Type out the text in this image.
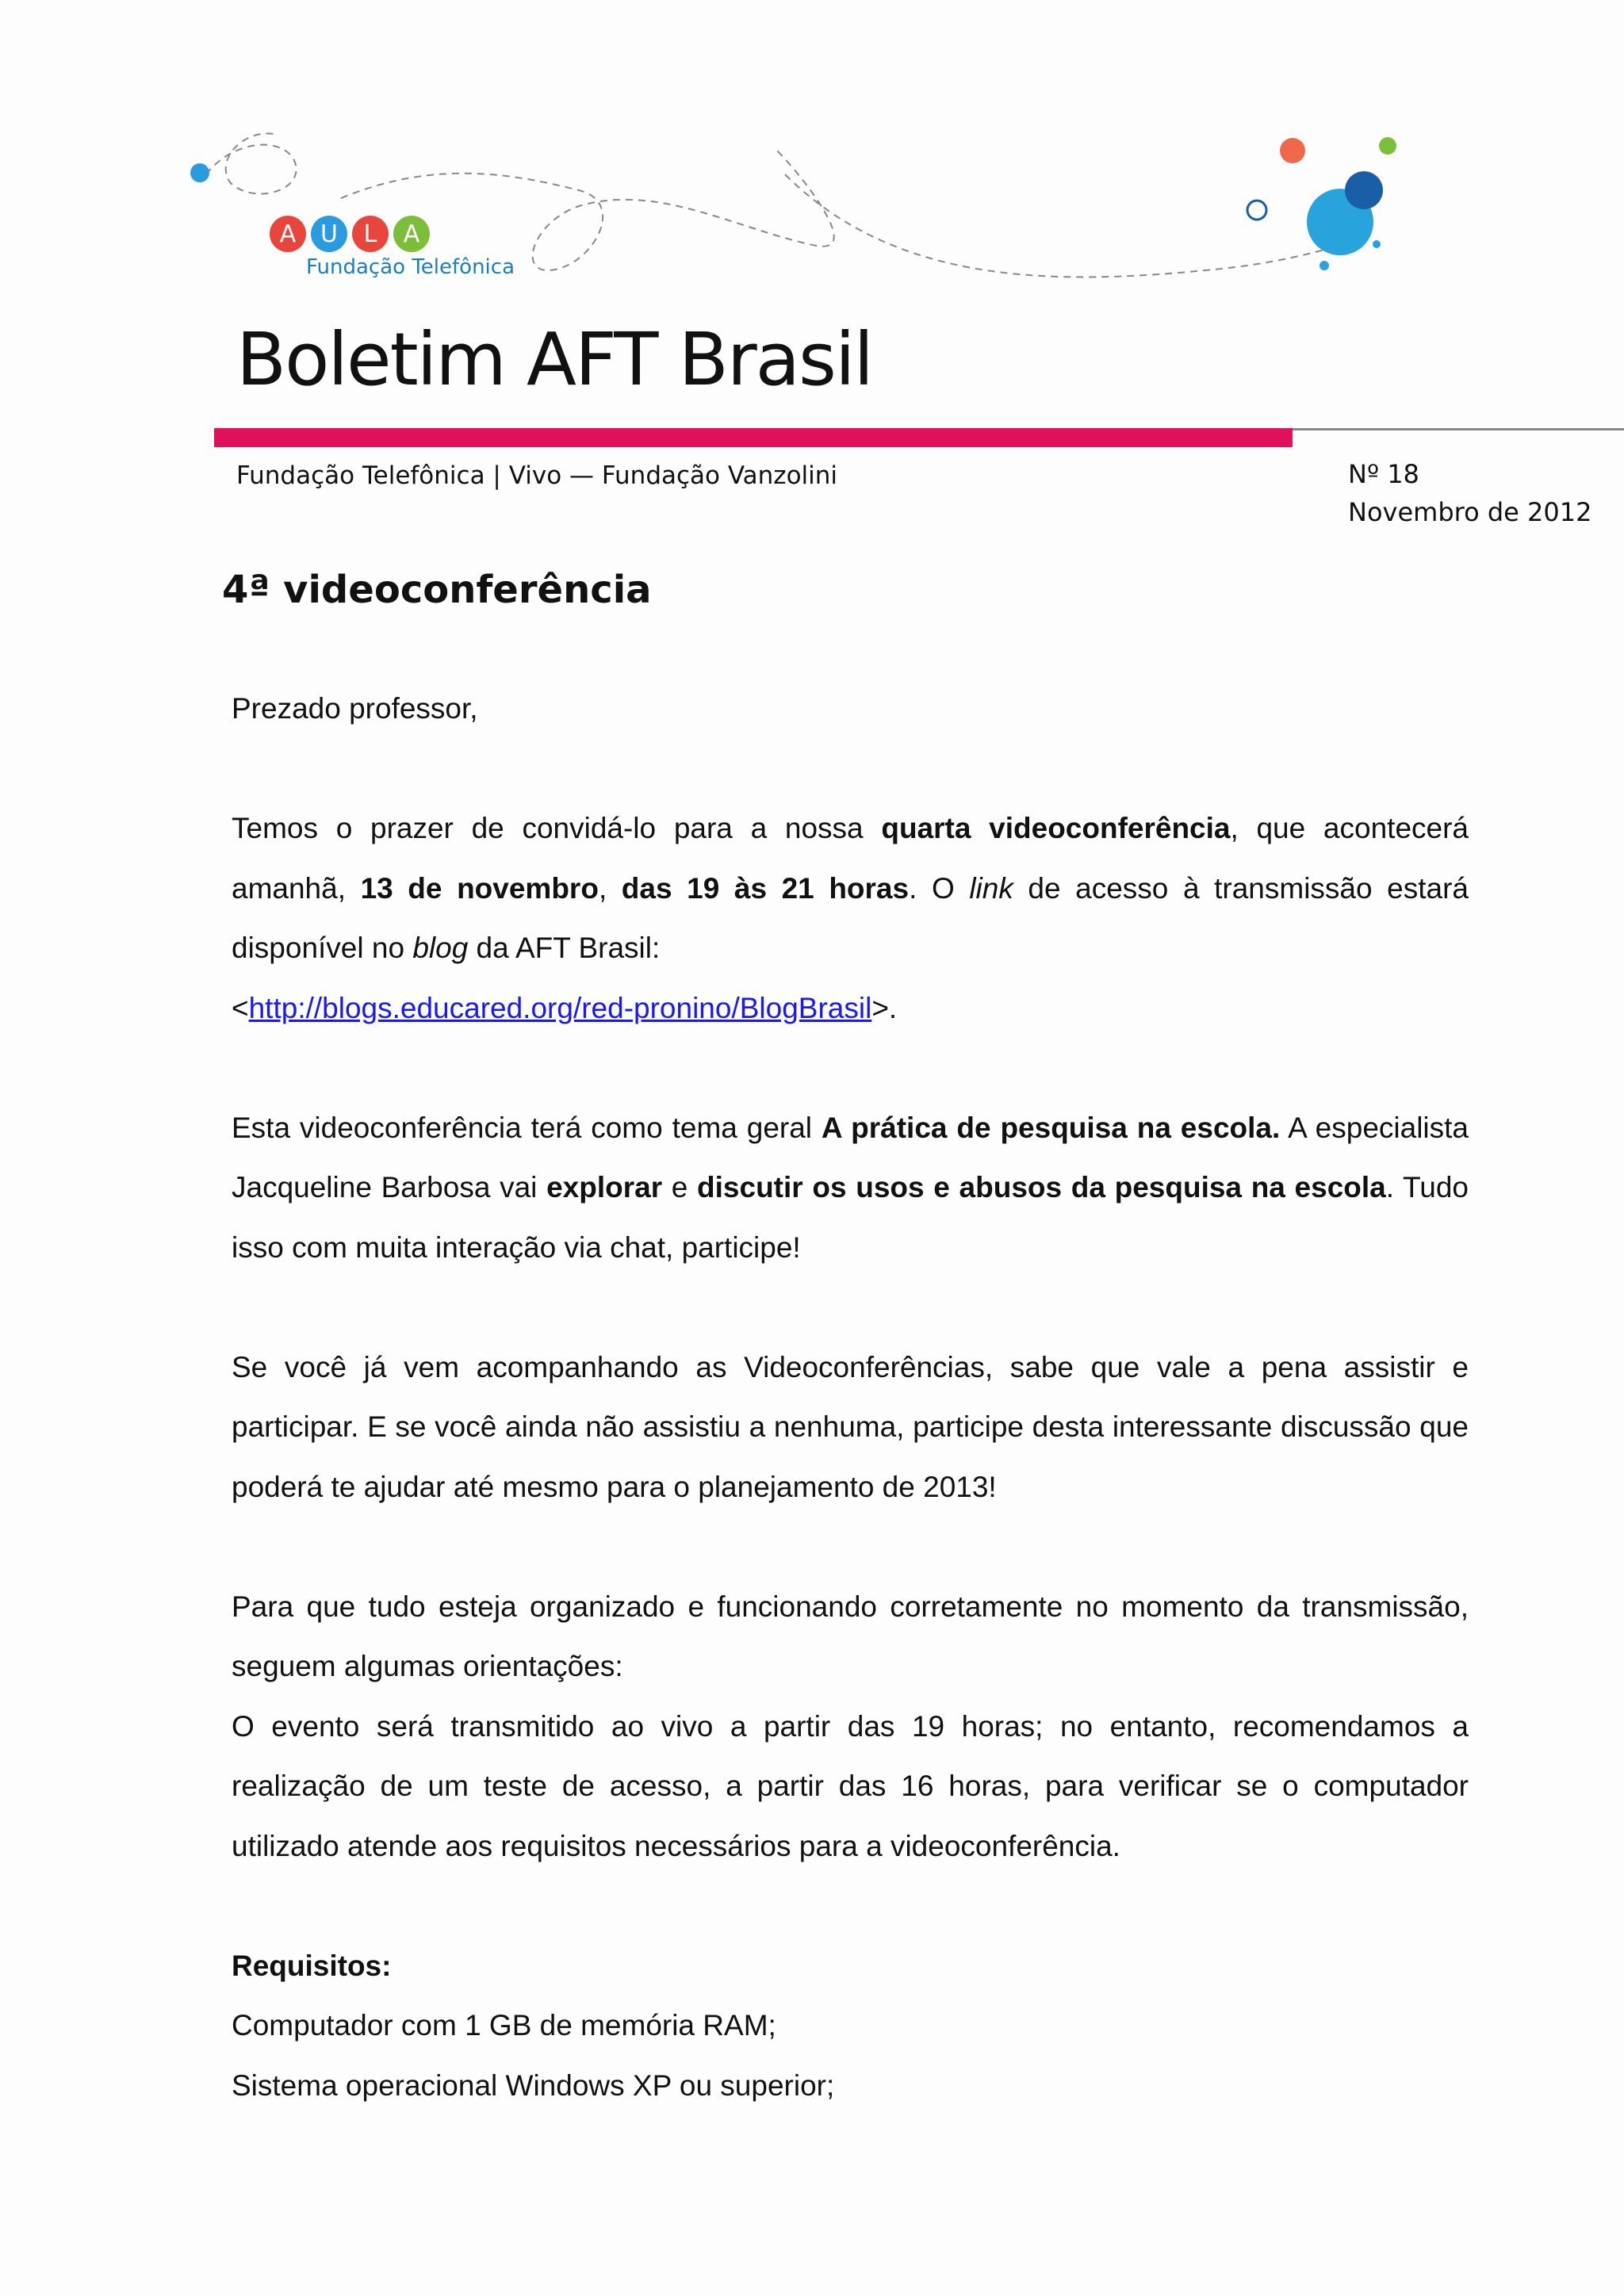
A	U	L	A
Fundação Telefônica
Boletim AFT Brasil
Fundação Telefônica | Vivo — Fundação Vanzolini	Nº 18
Novembro de 2012
4ª videoconferência

Prezado professor,

Temos o prazer de convidá-lo para a nossa quarta videoconferência, que acontecerá amanhã, 13 de novembro, das 19 às 21 horas. O link de acesso à transmissão estará disponível no blog da AFT Brasil:

<http://blogs.educared.org/red-pronino/BlogBrasil>.

Esta videoconferência terá como tema geral A prática de pesquisa na escola. A especialista Jacqueline Barbosa vai explorar e discutir os usos e abusos da pesquisa na escola. Tudo isso com muita interação via chat, participe!

Se você já vem acompanhando as Videoconferências, sabe que vale a pena assistir e participar. E se você ainda não assistiu a nenhuma, participe desta interessante discussão que poderá te ajudar até mesmo para o planejamento de 2013!

Para que tudo esteja organizado e funcionando corretamente no momento da transmissão, seguem algumas orientações:

O evento será transmitido ao vivo a partir das 19 horas; no entanto, recomendamos a realização de um teste de acesso, a partir das 16 horas, para verificar se o computador utilizado atende aos requisitos necessários para a videoconferência.

Requisitos:

Computador com 1 GB de memória RAM;

Sistema operacional Windows XP ou superior;
